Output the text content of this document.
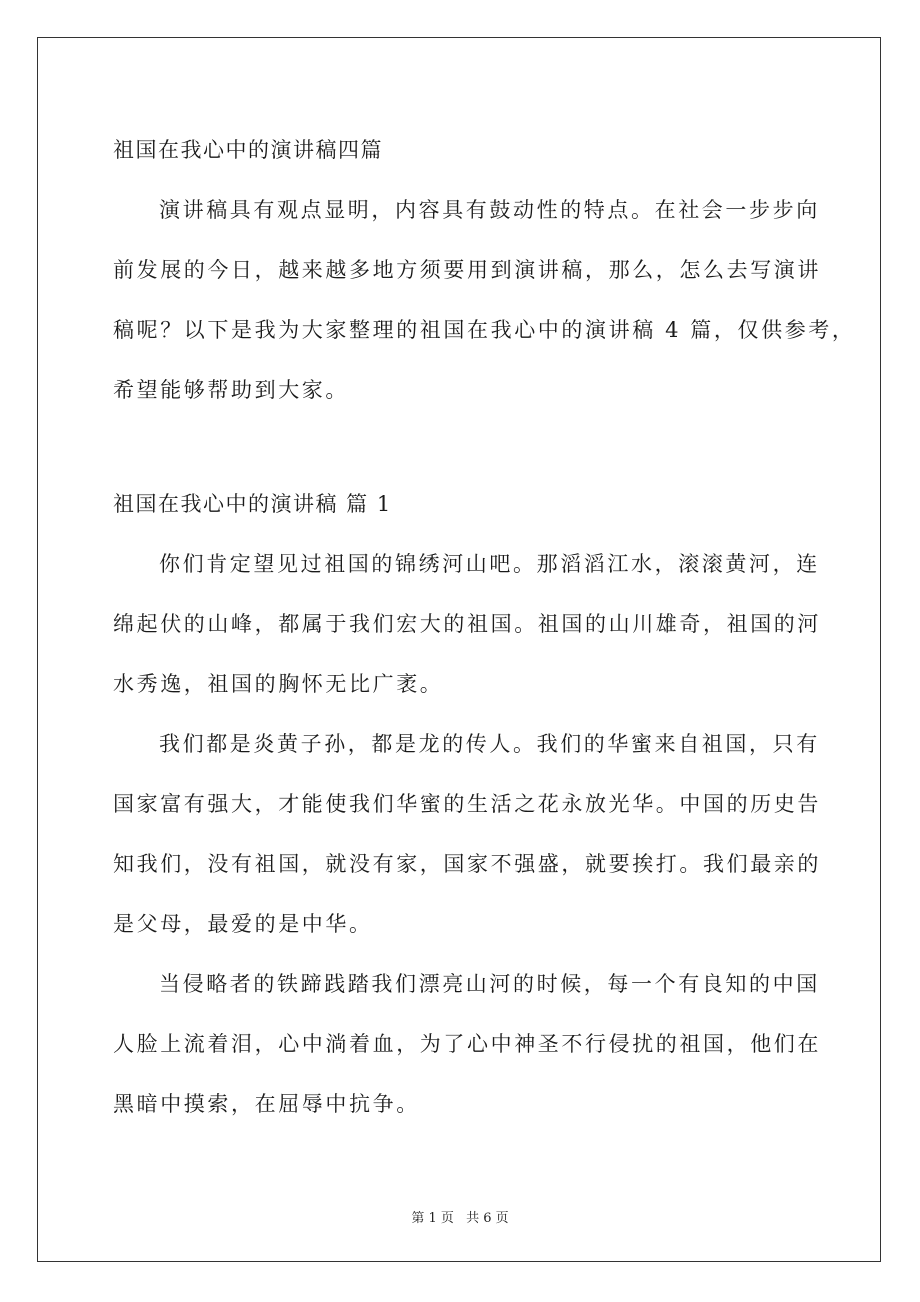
祖国在我心中的演讲稿四篇
演讲稿具有观点显明，内容具有鼓动性的特点。在社会一步步向
前发展的今日，越来越多地方须要用到演讲稿，那么，怎么去写演讲
稿呢？以下是我为大家整理的祖国在我心中的演讲稿 4 篇，仅供参考，
希望能够帮助到大家。
祖国在我心中的演讲稿 篇 1
你们肯定望见过祖国的锦绣河山吧。那滔滔江水，滚滚黄河，连
绵起伏的山峰，都属于我们宏大的祖国。祖国的山川雄奇，祖国的河
水秀逸，祖国的胸怀无比广袤。
我们都是炎黄子孙，都是龙的传人。我们的华蜜来自祖国，只有
国家富有强大，才能使我们华蜜的生活之花永放光华。中国的历史告
知我们，没有祖国，就没有家，国家不强盛，就要挨打。我们最亲的
是父母，最爱的是中华。
当侵略者的铁蹄践踏我们漂亮山河的时候，每一个有良知的中国
人脸上流着泪，心中淌着血，为了心中神圣不行侵扰的祖国，他们在
黑暗中摸索，在屈辱中抗争。
第 1 页 共 6 页
